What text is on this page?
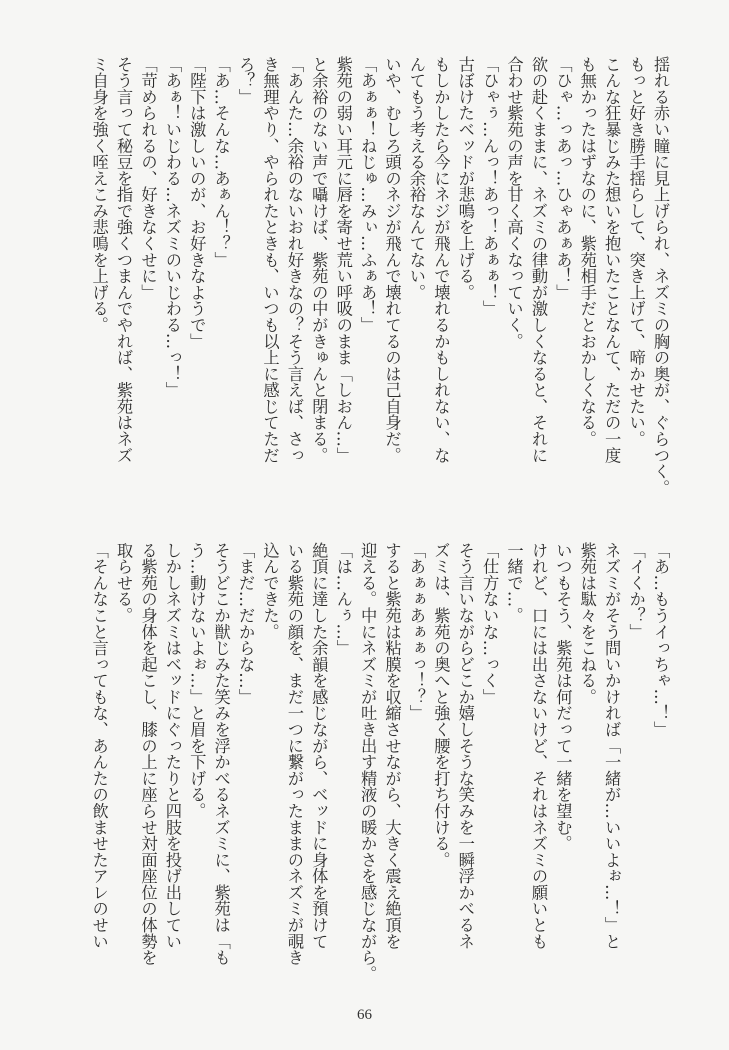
揺れる赤い瞳に見上げられ、ネズミの胸の奥が、ぐらつく。
もっと好き勝手揺らして、突き上げて、啼かせたい。
こんな狂暴じみた想いを抱いたことなんて、ただの一度
も無かったはずなのに、紫苑相手だとおかしくなる。
「ひゃ…っあっ…ひゃあぁあ！」
欲の赴くままに、ネズミの律動が激しくなると、それに
合わせ紫苑の声を甘く高くなっていく。
「ひゃぅ…んっ！あっ！あぁぁ！」
古ぼけたベッドが悲鳴を上げる。
もしかしたら今にネジが飛んで壊れるかもしれない、な
んてもう考える余裕なんてない。
いや、むしろ頭のネジが飛んで壊れてるのは己自身だ。
「あぁぁ！ねじゅ…みぃ…ふぁあ！」
紫苑の弱い耳元に唇を寄せ荒い呼吸のまま「しおん…」
と余裕のない声で囁けば、紫苑の中がきゅんと閉まる。
「あんた…余裕のないおれ好きなの？そう言えば、さっ
き無理やり、やられたときも、いつも以上に感じてただ
ろ？」
「あ…そんな…あぁん！？」
「陛下は激しいのが、お好きなようで」
「あぁ！いじわる…ネズミのいじわる…っ！」
「苛められるの、好きなくせに」
そう言って秘豆を指で強くつまんでやれば、紫苑はネズ
ミ自身を強く咥えこみ悲鳴を上げる。
「あ…もうイっちゃ…！」
「イくか？」
ネズミがそう問いかければ「一緒が…いいよぉ…！」と
紫苑は駄々をこねる。
いつもそう、紫苑は何だって一緒を望む。
けれど、口には出さないけど、それはネズミの願いとも
一緒で…。
「仕方ないな…っく」
そう言いながらどこか嬉しそうな笑みを一瞬浮かべるネ
ズミは、紫苑の奥へと強く腰を打ち付ける。
「あぁぁあぁぁっ！？」
すると紫苑は粘膜を収縮させながら、大きく震え絶頂を
迎える。中にネズミが吐き出す精液の暖かさを感じながら。
「は…んぅ…」
絶頂に達した余韻を感じながら、ベッドに身体を預けて
いる紫苑の顔を、まだ一つに繋がったままのネズミが覗き
込んできた。
「まだ…だからな…」
そうどこか獣じみた笑みを浮かべるネズミに、紫苑は「も
う…動けないよぉ…」と眉を下げる。
しかしネズミはベッドにぐったりと四肢を投げ出してい
る紫苑の身体を起こし、膝の上に座らせ対面座位の体勢を
取らせる。
「そんなこと言ってもな、あんたの飲ませたアレのせい
66
